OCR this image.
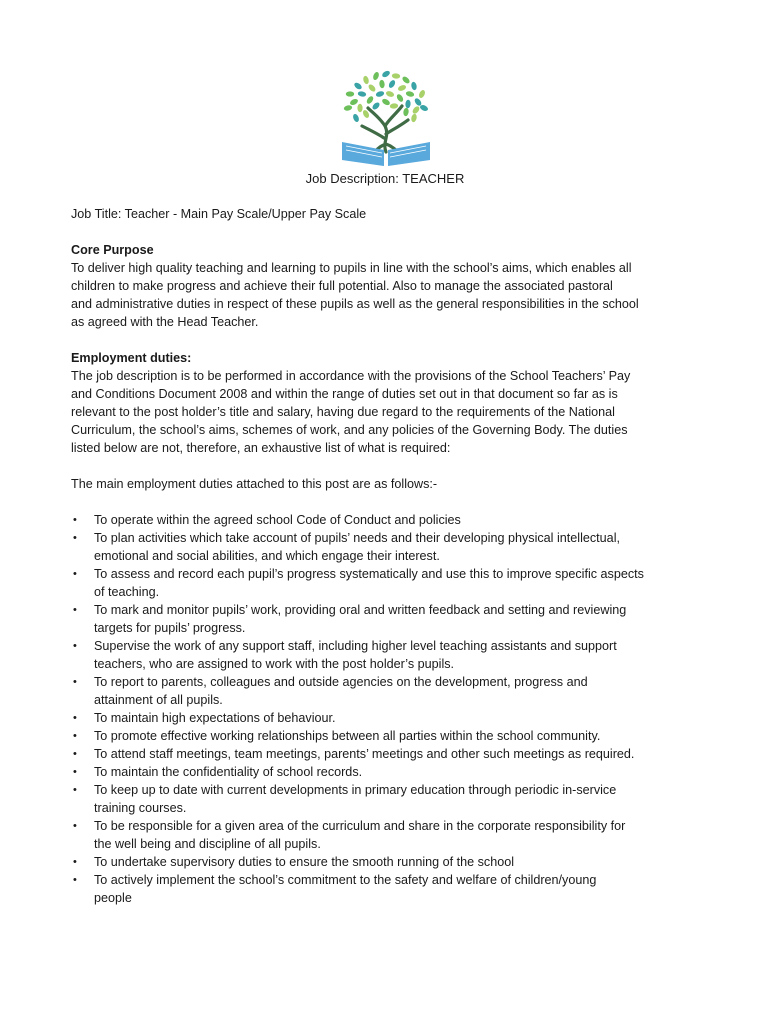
Job Description: TEACHER

Job Title: Teacher - Main Pay Scale/Upper Pay Scale

Core Purpose

To deliver high quality teaching and learning to pupils in line with the school’s aims, which enables all

children to make progress and achieve their full potential. Also to manage the associated pastoral

and administrative duties in respect of these pupils as well as the general responsibilities in the school

as agreed with the Head Teacher.

Employment duties:

The job description is to be performed in accordance with the provisions of the School Teachers’ Pay

and Conditions Document 2008 and within the range of duties set out in that document so far as is

relevant to the post holder’s title and salary, having due regard to the requirements of the National

Curriculum, the school’s aims, schemes of work, and any policies of the Governing Body. The duties

listed below are not, therefore, an exhaustive list of what is required:

The main employment duties attached to this post are as follows:-

• To operate within the agreed school Code of Conduct and policies
• To plan activities which take account of pupils’ needs and their developing physical intellectual,
emotional and social abilities, and which engage their interest.
• To assess and record each pupil’s progress systematically and use this to improve specific aspects
of teaching.
• To mark and monitor pupils’ work, providing oral and written feedback and setting and reviewing
targets for pupils’ progress.
• Supervise the work of any support staff, including higher level teaching assistants and support
teachers, who are assigned to work with the post holder’s pupils.
• To report to parents, colleagues and outside agencies on the development, progress and
attainment of all pupils.
• To maintain high expectations of behaviour.
• To promote effective working relationships between all parties within the school community.
• To attend staff meetings, team meetings, parents’ meetings and other such meetings as required.
• To maintain the confidentiality of school records.
• To keep up to date with current developments in primary education through periodic in-service
training courses.
• To be responsible for a given area of the curriculum and share in the corporate responsibility for
the well being and discipline of all pupils.
• To undertake supervisory duties to ensure the smooth running of the school
• To actively implement the school’s commitment to the safety and welfare of children/young
people
